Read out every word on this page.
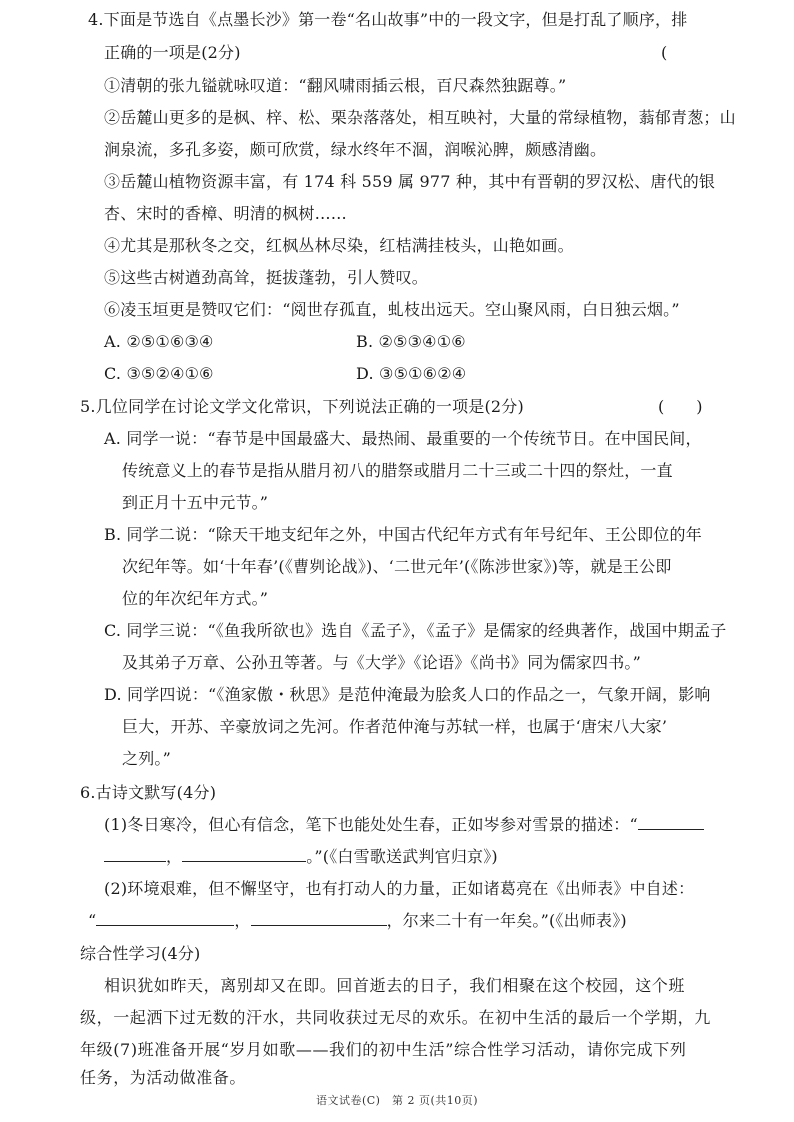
4.下面是节选自《点墨长沙》第一卷“名山故事”中的一段文字，但是打乱了顺序，排
正确的一项是(2分)	(
①清朝的张九镒就咏叹道：“翻风啸雨插云根，百尺森然独踞尊。”
②岳麓山更多的是枫、梓、松、栗杂落落处，相互映衬，大量的常绿植物，蓊郁青葱；山
涧泉流，多孔多姿，颇可欣赏，绿水终年不涸，润喉沁脾，颇感清幽。
③岳麓山植物资源丰富，有 174 科 559 属 977 种，其中有晋朝的罗汉松、唐代的银
杏、宋时的香樟、明清的枫树……
④尤其是那秋冬之交，红枫丛林尽染，红桔满挂枝头，山艳如画。
⑤这些古树遒劲高耸，挺拔蓬勃，引人赞叹。
⑥凌玉垣更是赞叹它们：“阅世存孤直，虬枝出远天。空山聚风雨，白日独云烟。”
A. ②⑤①⑥③④	B. ②⑤③④①⑥
C. ③⑤②④①⑥	D. ③⑤①⑥②④
5.几位同学在讨论文学文化常识，下列说法正确的一项是(2分)	(　　)
A. 同学一说：“春节是中国最盛大、最热闹、最重要的一个传统节日。在中国民间，
传统意义上的春节是指从腊月初八的腊祭或腊月二十三或二十四的祭灶，一直
到正月十五中元节。”
B. 同学二说：“除天干地支纪年之外，中国古代纪年方式有年号纪年、王公即位的年
次纪年等。如‘十年春’(《曹刿论战》)、‘二世元年’(《陈涉世家》)等，就是王公即
位的年次纪年方式。”
C. 同学三说：“《鱼我所欲也》选自《孟子》，《孟子》是儒家的经典著作，战国中期孟子
及其弟子万章、公孙丑等著。与《大学》《论语》《尚书》同为儒家四书。”
D. 同学四说：“《渔家傲・秋思》是范仲淹最为脍炙人口的作品之一，气象开阔，影响
巨大，开苏、辛豪放词之先河。作者范仲淹与苏轼一样，也属于‘唐宋八大家’
之列。”
6.古诗文默写(4分)
(1)冬日寒冷，但心有信念，笔下也能处处生春，正如岑参对雪景的描述：“
，	。”(《白雪歌送武判官归京》)
(2)环境艰难，但不懈坚守，也有打动人的力量，正如诸葛亮在《出师表》中自述：
“	，	，尔来二十有一年矣。”(《出师表》)
综合性学习(4分)
相识犹如昨天，离别却又在即。回首逝去的日子，我们相聚在这个校园，这个班
级，一起洒下过无数的汗水，共同收获过无尽的欢乐。在初中生活的最后一个学期，九
年级(7)班准备开展“岁月如歌——我们的初中生活”综合性学习活动，请你完成下列
任务，为活动做准备。
语文试卷(C)　第 2 页(共10页)
